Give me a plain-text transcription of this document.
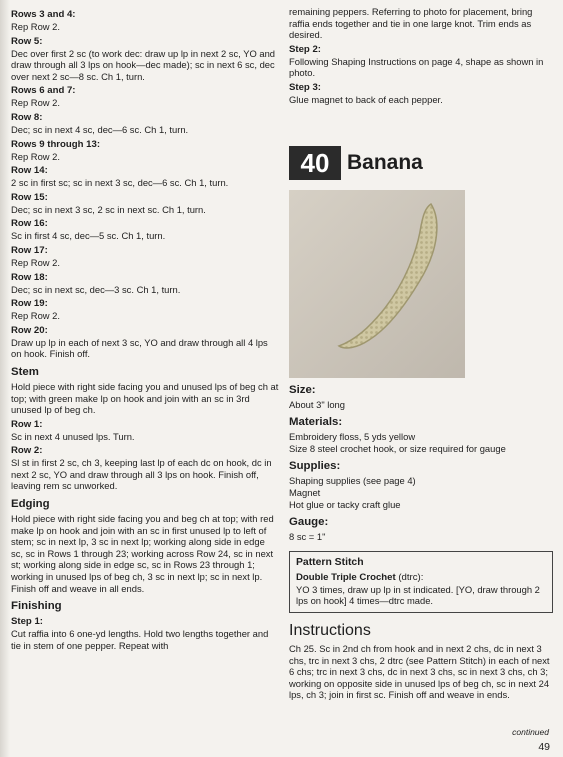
Rows 3 and 4:

Rep Row 2.

Row 5:

Dec over first 2 sc (to work dec: draw up lp in next 2 sc, YO and draw through all 3 lps on hook—dec made); sc in next 6 sc, dec over next 2 sc—8 sc. Ch 1, turn.

Rows 6 and 7:

Rep Row 2.

Row 8:

Dec; sc in next 4 sc, dec—6 sc. Ch 1, turn.

Rows 9 through 13:

Rep Row 2.

Row 14:

2 sc in first sc; sc in next 3 sc, dec—6 sc. Ch 1, turn.

Row 15:

Dec; sc in next 3 sc, 2 sc in next sc. Ch 1, turn.

Row 16:

Sc in first 4 sc, dec—5 sc. Ch 1, turn.

Row 17:

Rep Row 2.

Row 18:

Dec; sc in next sc, dec—3 sc. Ch 1, turn.

Row 19:

Rep Row 2.

Row 20:

Draw up lp in each of next 3 sc, YO and draw through all 4 lps on hook. Finish off.

Stem

Hold piece with right side facing you and unused lps of beg ch at top; with green make lp on hook and join with an sc in 3rd unused lp of beg ch.

Row 1:

Sc in next 4 unused lps. Turn.

Row 2:

Sl st in first 2 sc, ch 3, keeping last lp of each dc on hook, dc in next 2 sc, YO and draw through all 3 lps on hook. Finish off, leaving rem sc unworked.

Edging

Hold piece with right side facing you and beg ch at top; with red make lp on hook and join with an sc in first unused lp to left of stem; sc in next lp, 3 sc in next lp; working along side in edge sc, sc in Rows 1 through 23; working across Row 24, sc in next st; working along side in edge sc, sc in Rows 23 through 1; working in unused lps of beg ch, 3 sc in next lp; sc in next lp. Finish off and weave in all ends.

Finishing

Step 1:

Cut raffia into 6 one-yd lengths. Hold two lengths together and tie in stem of one pepper. Repeat with

remaining peppers. Referring to photo for placement, bring raffia ends together and tie in one large knot. Trim ends as desired.

Step 2:

Following Shaping Instructions on page 4, shape as shown in photo.

Step 3:

Glue magnet to back of each pepper.

40 Banana

Size:

About 3" long

Materials:

Embroidery floss, 5 yds yellow

Size 8 steel crochet hook, or size required for gauge

Supplies:

Shaping supplies (see page 4)

Magnet

Hot glue or tacky craft glue

Gauge:

8 sc = 1"

Pattern Stitch

Double Triple Crochet (dtrc):

YO 3 times, draw up lp in st indicated. [YO, draw through 2 lps on hook] 4 times—dtrc made.

Instructions

Ch 25. Sc in 2nd ch from hook and in next 2 chs, dc in next 3 chs, trc in next 3 chs, 2 dtrc (see Pattern Stitch) in each of next 6 chs; trc in next 3 chs, dc in next 3 chs, sc in next 3 chs, ch 3; working on opposite side in unused lps of beg ch, sc in next 24 lps, ch 3; join in first sc. Finish off and weave in ends.

continued
49
